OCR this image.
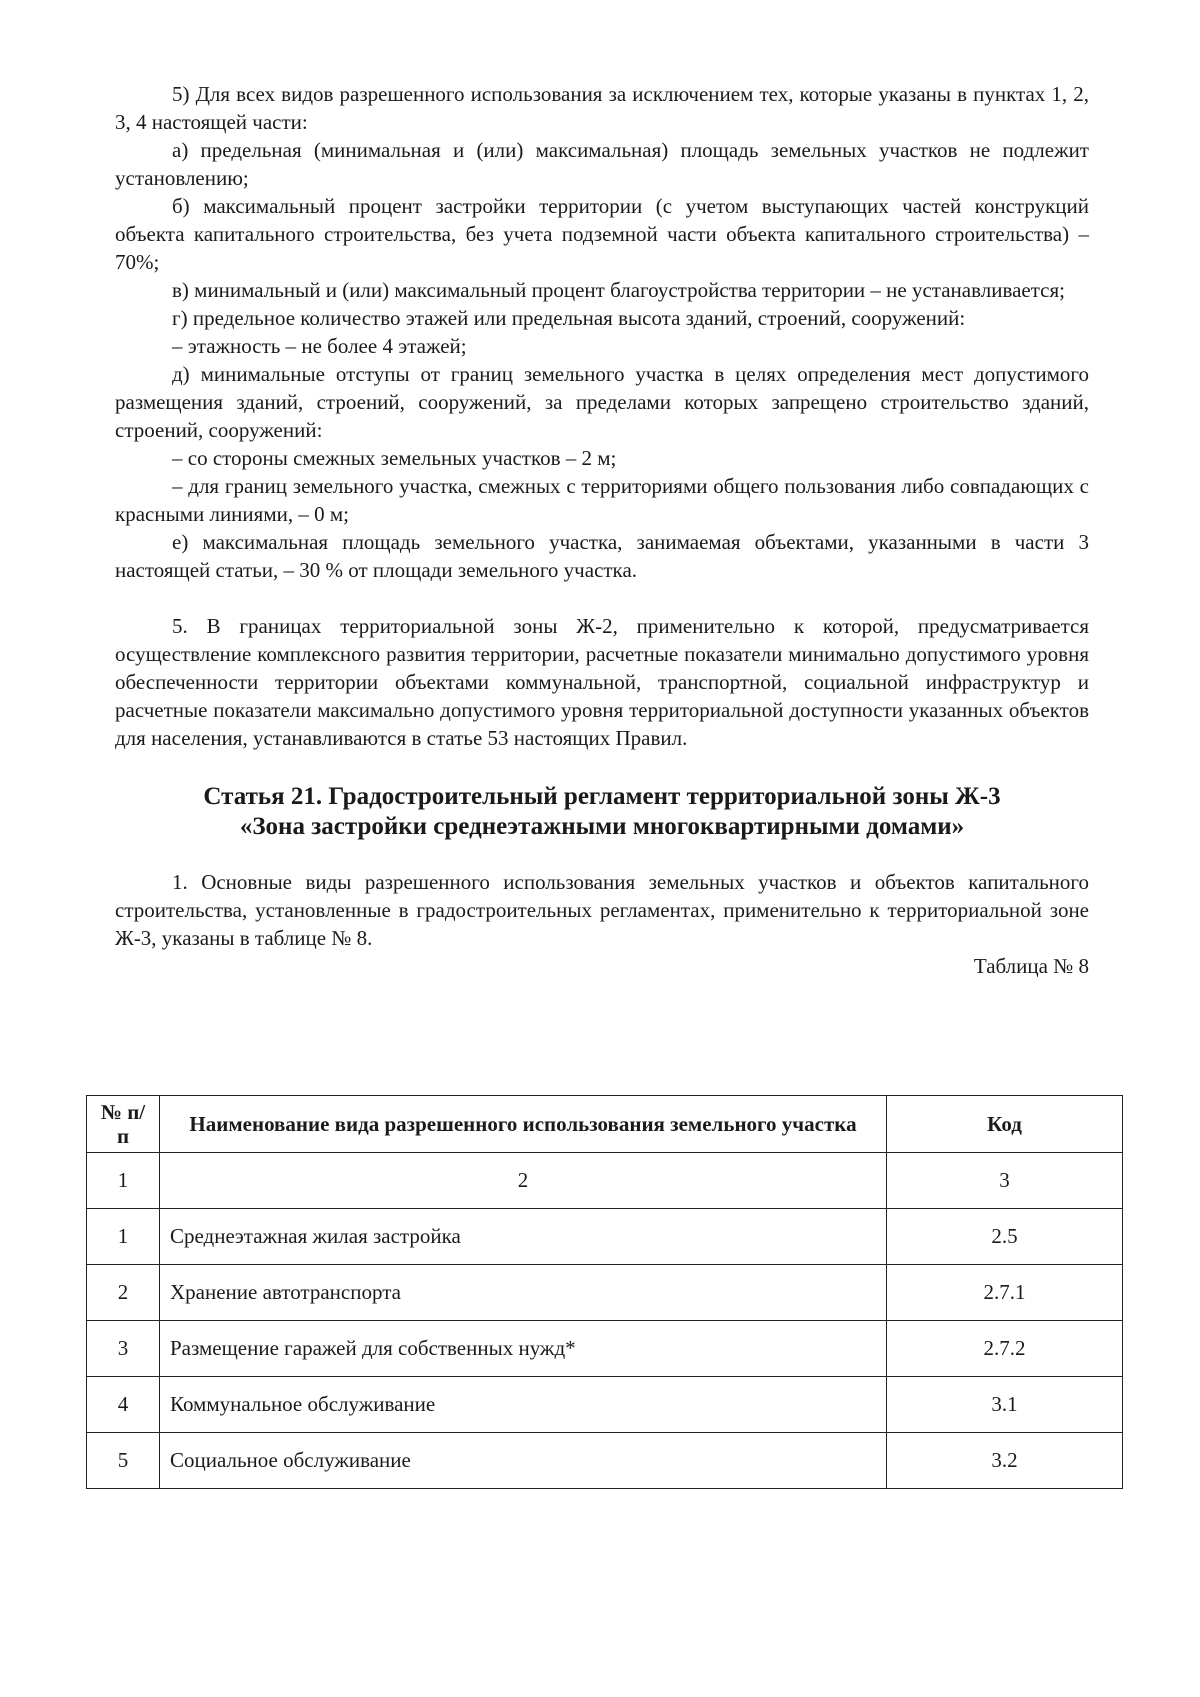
5) Для всех видов разрешенного использования за исключением тех, которые указаны в пунктах 1, 2, 3, 4 настоящей части:

а) предельная (минимальная и (или) максимальная) площадь земельных участков не подлежит установлению;

б) максимальный процент застройки территории (с учетом выступающих частей конструкций объекта капитального строительства, без учета подземной части объекта капитального строительства) – 70%;

в) минимальный и (или) максимальный процент благоустройства территории – не устанавливается;

г) предельное количество этажей или предельная высота зданий, строений, сооружений:

– этажность – не более 4 этажей;

д) минимальные отступы от границ земельного участка в целях определения мест допустимого размещения зданий, строений, сооружений, за пределами которых запрещено строительство зданий, строений, сооружений:

– со стороны смежных земельных участков – 2 м;

– для границ земельного участка, смежных с территориями общего пользования либо совпадающих с красными линиями, – 0 м;

е) максимальная площадь земельного участка, занимаемая объектами, указанными в части 3 настоящей статьи, – 30 % от площади земельного участка.

5. В границах территориальной зоны Ж-2, применительно к которой, предусматривается осуществление комплексного развития территории, расчетные показатели минимально допустимого уровня обеспеченности территории объектами коммунальной, транспортной, социальной инфраструктур и расчетные показатели максимально допустимого уровня территориальной доступности указанных объектов для населения, устанавливаются в статье 53 настоящих Правил.

Статья 21. Градостроительный регламент территориальной зоны Ж-3
«Зона застройки среднеэтажными многоквартирными домами»

1. Основные виды разрешенного использования земельных участков и объектов капитального строительства, установленные в градостроительных регламентах, применительно к территориальной зоне Ж-3, указаны в таблице № 8.

Таблица № 8

№ п/п	Наименование вида разрешенного использования земельного участка	Код
1	2	3
1	Среднеэтажная жилая застройка	2.5
2	Хранение автотранспорта	2.7.1
3	Размещение гаражей для собственных нужд*	2.7.2
4	Коммунальное обслуживание	3.1
5	Социальное обслуживание	3.2
